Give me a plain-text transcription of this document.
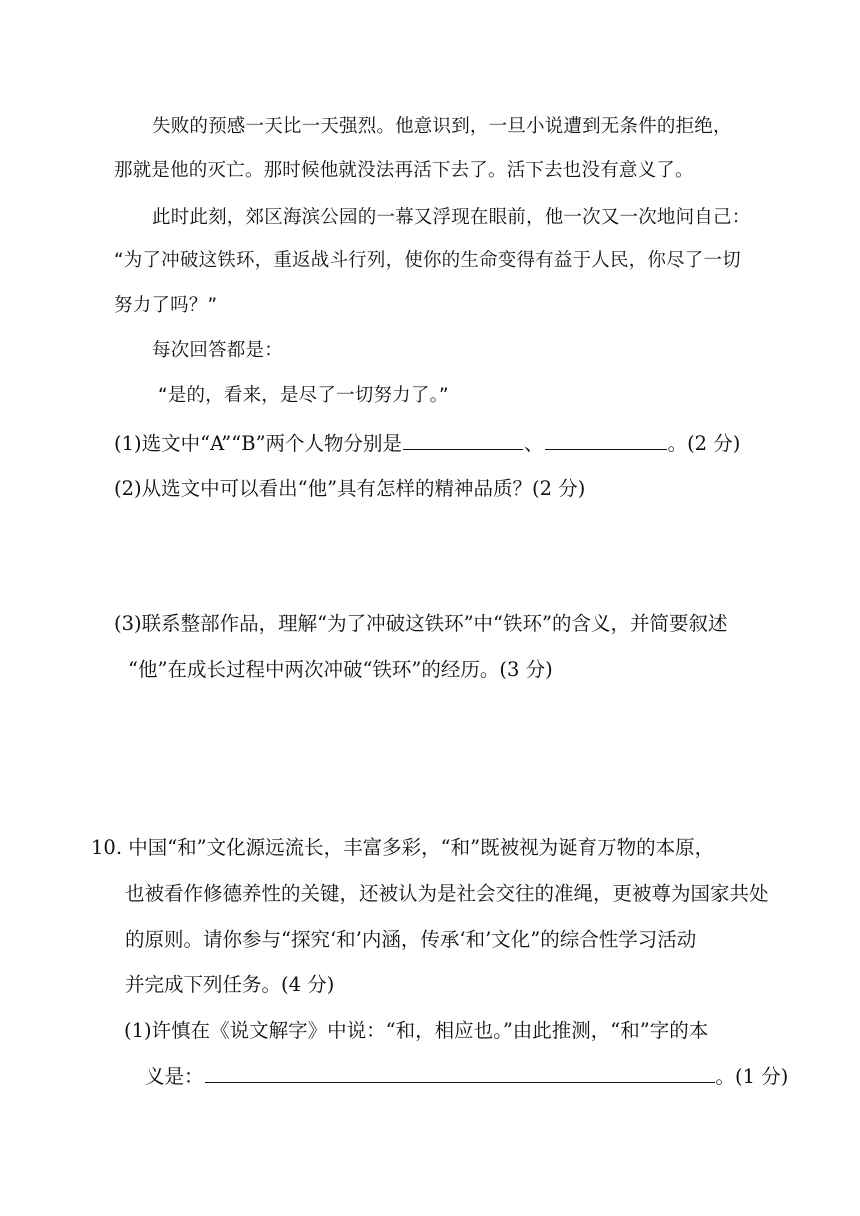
失败的预感一天比一天强烈。他意识到，一旦小说遭到无条件的拒绝，
那就是他的灭亡。那时候他就没法再活下去了。活下去也没有意义了。
此时此刻，郊区海滨公园的一幕又浮现在眼前，他一次又一次地问自己：
“为了冲破这铁环，重返战斗行列，使你的生命变得有益于人民，你尽了一切
努力了吗？”
每次回答都是：
“是的，看来，是尽了一切努力了。”
(1)选文中“A”“B”两个人物分别是	、	。(2 分)
(2)从选文中可以看出“他”具有怎样的精神品质？(2 分)
(3)联系整部作品，理解“为了冲破这铁环”中“铁环”的含义，并简要叙述
“他”在成长过程中两次冲破“铁环”的经历。(3 分)
10. 中国“和”文化源远流长，丰富多彩，“和”既被视为诞育万物的本原，
也被看作修德养性的关键，还被认为是社会交往的准绳，更被尊为国家共处
的原则。请你参与“探究‘和’内涵，传承‘和’文化”的综合性学习活动
并完成下列任务。(4 分)
(1)许慎在《说文解字》中说：“和，相应也。”由此推测，“和”字的本
义是：	。(1 分)
